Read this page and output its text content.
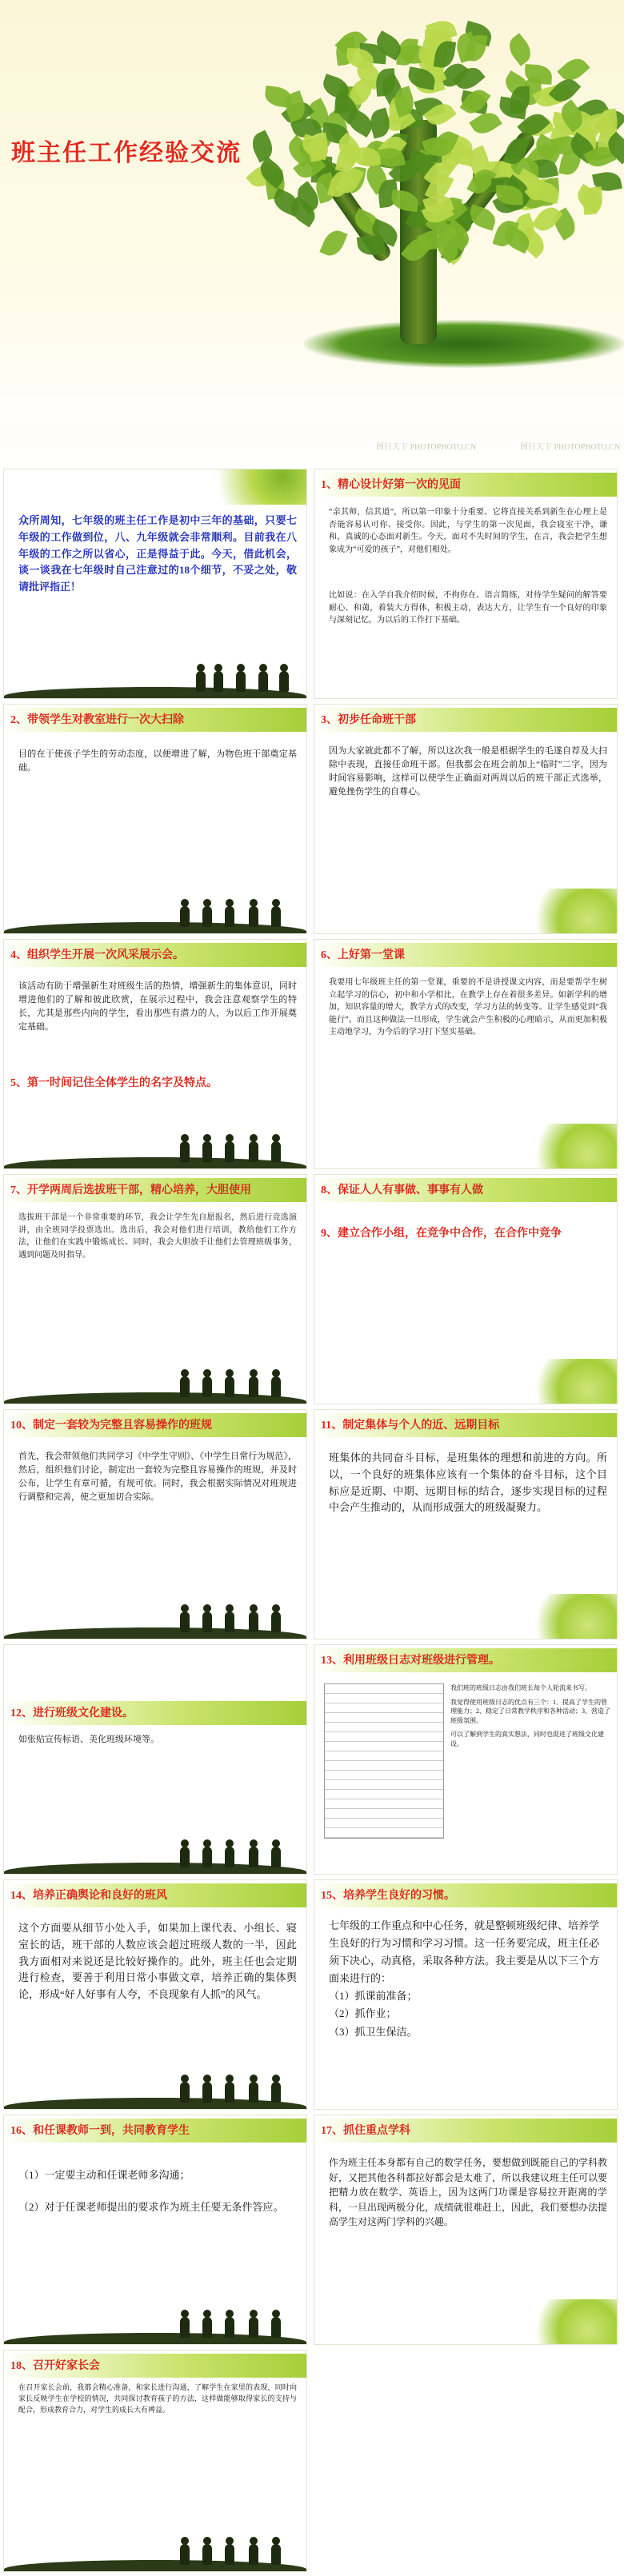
班主任工作经验交流
图行天下 PHOTOPHOTO.CN	图行天下 PHOTOPHOTO.CN
众所周知，七年级的班主任工作是初中三年的基础，只要七年级的工作做到位，八、九年级就会非常顺利。目前我在八年级的工作之所以省心，正是得益于此。今天，借此机会，谈一谈我在七年级时自己注意过的18个细节，不妥之处，敬请批评指正！
1、精心设计好第一次的见面
“亲其师，信其道”，所以第一印象十分重要。它将直接关系到新生在心理上是否能容易认可你、接受你。因此，与学生的第一次见面，我会寝室干净，谦和，真诚的心态面对新生。今天，面对不失时间的学生，在言，我会把学生想象成为“可爱的孩子”，对他们相处。
比如说：在入学自我介绍时候，不拘你在、语言简练，对待学生疑问的解答要耐心、和蔼，着装大方得体，积极主动，表达大方，让学生有一个良好的印象与深刻记忆，为以后的工作打下基础。
2、带领学生对教室进行一次大扫除
目的在于使孩子学生的劳动态度，以便增进了解，为物色班干部奠定基础。
3、初步任命班干部
因为大家就此都不了解，所以这次我一般是根据学生的毛遂自荐及大扫除中表现，直接任命班干部。但我都会在班会前加上“临时”二字，因为时间容易影响，这样可以使学生正确面对两周以后的班干部正式选举，避免挫伤学生的自尊心。
4、组织学生开展一次风采展示会。
该活动有助于增强新生对班级生活的热情，增强新生的集体意识，同时增进他们的了解和彼此欣赏，在展示过程中，我会注意观察学生的特长，尤其是那些内向的学生，看出那些有潜力的人，为以后工作开展奠定基础。
5、第一时间记住全体学生的名字及特点。
6、上好第一堂课
我要用七年级班主任的第一堂课，重要的不是讲授课文内容，而是要帮学生树立起学习的信心，初中和小学相比，在教学上存在着很多差异。如新学科的增加，知识容量的增大，教学方式的改变，学习方法的转变等。让学生感觉到“我能行”。而且这种做法一旦形成，学生就会产生积极的心理暗示，从而更加积极主动地学习，为今后的学习打下坚实基础。
7、开学两周后选拔班干部，精心培养，大胆使用
选拔班干部是一个非常重要的环节，我会让学生先自愿报名，然后进行竞选演讲，由全班同学投票选出。选出后，我会对他们进行培训，教给他们工作方法，让他们在实践中锻炼成长。同时，我会大胆放手让他们去管理班级事务，遇到问题及时指导。
8、保证人人有事做、事事有人做
9、建立合作小组，在竞争中合作，在合作中竞争
10、制定一套较为完整且容易操作的班规
首先，我会带领他们共同学习《中学生守则》、《中学生日常行为规范》，然后，组织他们讨论，制定出一套较为完整且容易操作的班规，并及时公布，让学生有章可循，有规可依。同时，我会根据实际情况对班规进行调整和完善，使之更加切合实际。
11、制定集体与个人的近、远期目标
班集体的共同奋斗目标，是班集体的理想和前进的方向。所以，一个良好的班集体应该有一个集体的奋斗目标，这个目标应是近期、中期、远期目标的结合，逐步实现目标的过程中会产生推动的，从而形成强大的班级凝聚力。
12、进行班级文化建设。
如张贴宣传标语、美化班级环境等。
13、利用班级日志对班级进行管理。
我们班的班级日志由我们班长每个人轮流来书写。
我觉得使用班级日志的优点有三个：1、提高了学生的管理能力；2、稳定了日常教学秩序和各种活动；3、营造了班级氛围。
可以了解到学生的真实想法，同时也促进了班级文化建设。
14、培养正确舆论和良好的班风
这个方面要从细节小处入手，如果加上课代表、小组长、寝室长的话，班干部的人数应该会超过班级人数的一半，因此我方面相对来说还是比较好操作的。此外，班主任也会定期进行检查，要善于利用日常小事做文章，培养正确的集体舆论，形成“好人好事有人夸，不良现象有人抓”的风气。
15、培养学生良好的习惯。
七年级的工作重点和中心任务，就是整顿班级纪律、培养学生良好的行为习惯和学习习惯。这一任务要完成，班主任必须下决心，动真格，采取各种方法。我主要是从以下三个方面来进行的：
（1）抓课前准备；
（2）抓作业；
（3）抓卫生保洁。
16、和任课教师一到，共同教育学生
（1）一定要主动和任课老师多沟通；
（2）对于任课老师提出的要求作为班主任要无条件答应。
17、抓住重点学科
作为班主任本身都有自己的数学任务，要想做到既能自己的学科教好，又把其他各科都拉好都会是太难了，所以我建议班主任可以要把精力放在数学、英语上，因为这两门功课是容易拉开距离的学科，一旦出现两极分化，成绩就很难赶上，因此，我们要想办法提高学生对这两门学科的兴趣。
18、召开好家长会
在召开家长会前，我都会精心准备，和家长进行沟通，了解学生在家里的表现，同时向家长反映学生在学校的情况，共同探讨教育孩子的方法，这样做能够取得家长的支持与配合，形成教育合力，对学生的成长大有裨益。
